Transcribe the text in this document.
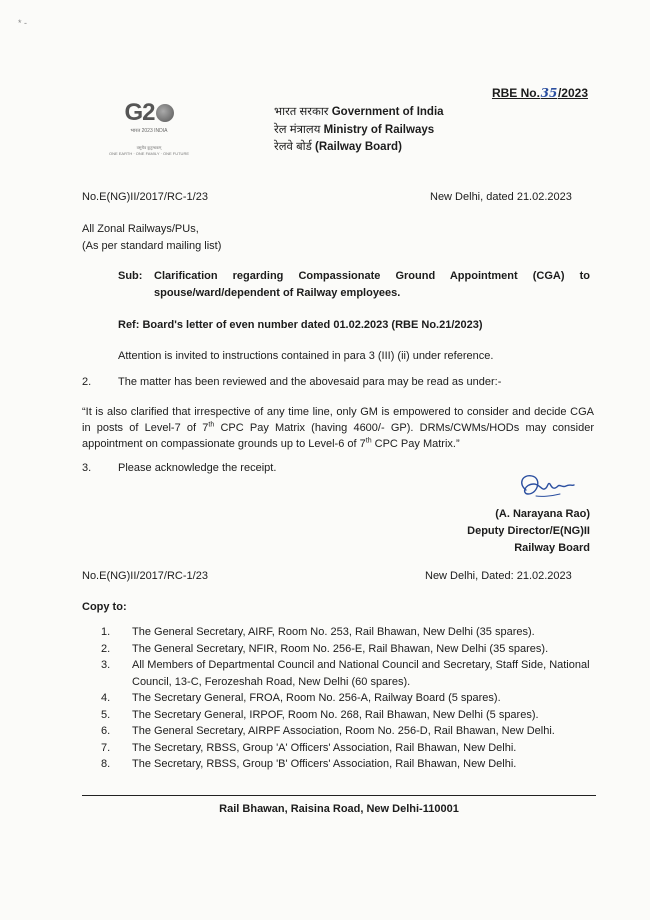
* -
RBE No.35/2023
G2
भारत 2023 INDIA
वसुधैव कुटुम्बकम्
ONE EARTH · ONE FAMILY · ONE FUTURE
भारत सरकार Government of India
रेल मंत्रालय Ministry of Railways
रेलवे बोर्ड (Railway Board)
No.E(NG)II/2017/RC-1/23	New Delhi, dated 21.02.2023
All Zonal Railways/PUs,
(As per standard mailing list)
Sub:	Clarification regarding Compassionate Ground Appointment (CGA) to
spouse/ward/dependent of Railway employees.
Ref: Board's letter of even number dated 01.02.2023 (RBE No.21/2023)
Attention is invited to instructions contained in para 3 (III) (ii) under reference.
2. The matter has been reviewed and the abovesaid para may be read as under:-
“It is also clarified that irrespective of any time line, only GM is empowered to consider and decide CGA in posts of Level-7 of 7th CPC Pay Matrix (having 4600/- GP). DRMs/CWMs/HODs may consider appointment on compassionate grounds up to Level-6 of 7th CPC Pay Matrix.”
3. Please acknowledge the receipt.
(A. Narayana Rao)
Deputy Director/E(NG)II
Railway Board
No.E(NG)II/2017/RC-1/23	New Delhi, Dated: 21.02.2023
Copy to:
1.	The General Secretary, AIRF, Room No. 253, Rail Bhawan, New Delhi (35 spares).
2.	The General Secretary, NFIR, Room No. 256-E, Rail Bhawan, New Delhi (35 spares).
3.	All Members of Departmental Council and National Council and Secretary, Staff Side, National Council, 13-C, Ferozeshah Road, New Delhi (60 spares).
4.	The Secretary General, FROA, Room No. 256-A, Railway Board (5 spares).
5.	The Secretary General, IRPOF, Room No. 268, Rail Bhawan, New Delhi (5 spares).
6.	The General Secretary, AIRPF Association, Room No. 256-D, Rail Bhawan, New Delhi.
7.	The Secretary, RBSS, Group 'A' Officers' Association, Rail Bhawan, New Delhi.
8.	The Secretary, RBSS, Group 'B' Officers' Association, Rail Bhawan, New Delhi.
Rail Bhawan, Raisina Road, New Delhi-110001
